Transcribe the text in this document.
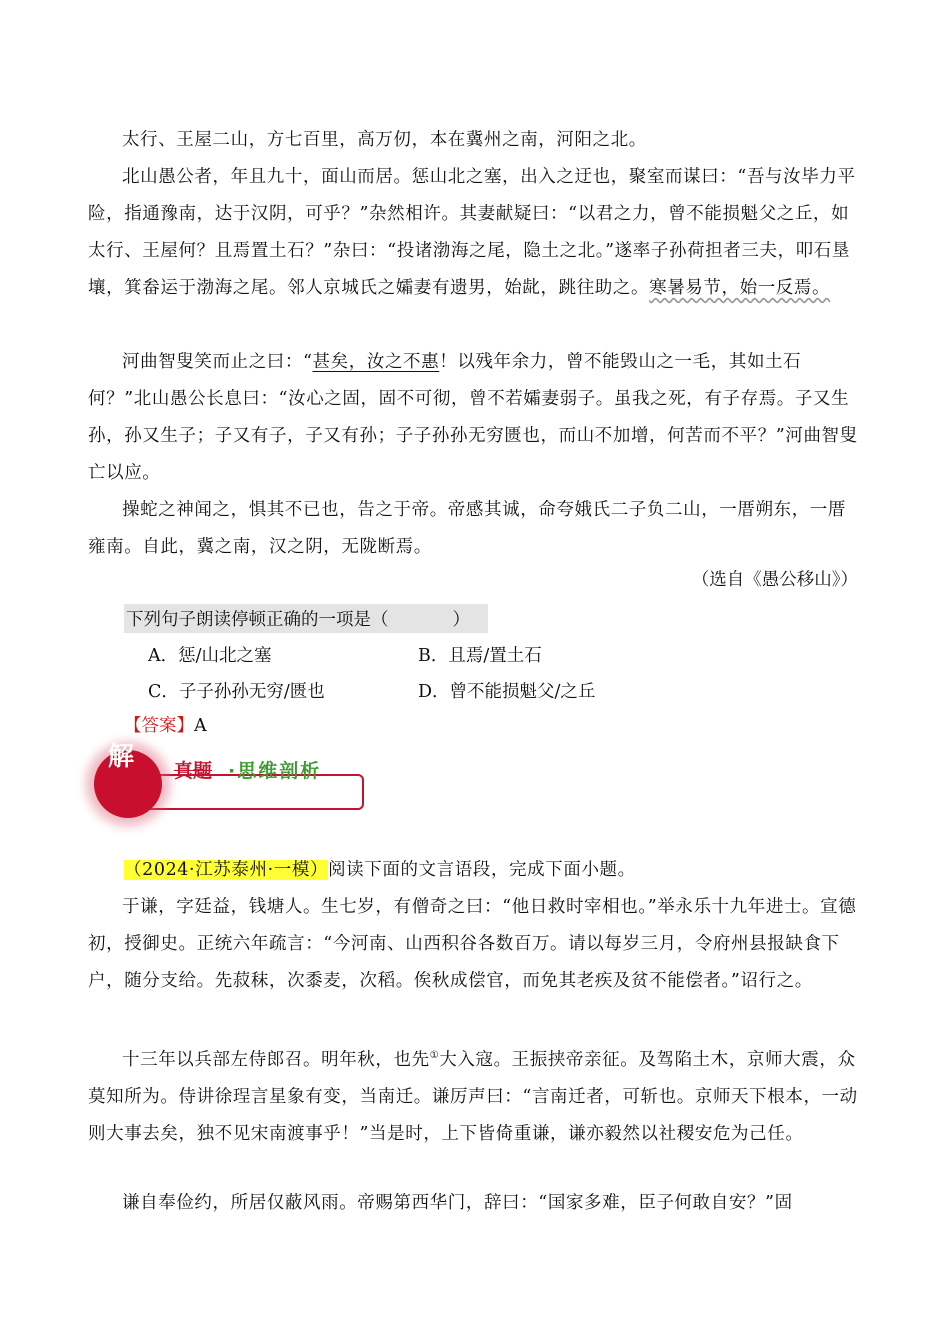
太行、王屋二山，方七百里，高万仞，本在冀州之南，河阳之北。

北山愚公者，年且九十，面山而居。惩山北之塞，出入之迂也，聚室而谋曰：“吾与汝毕力平险，指通豫南，达于汉阴，可乎？”杂然相许。其妻献疑曰：“以君之力，曾不能损魁父之丘，如太行、王屋何？且焉置土石？”杂曰：“投诸渤海之尾，隐土之北。”遂率子孙荷担者三夫，叩石垦壤，箕畚运于渤海之尾。邻人京城氏之孀妻有遗男，始龀，跳往助之。寒暑易节，始一反焉。

河曲智叟笑而止之曰：“甚矣，汝之不惠！以残年余力，曾不能毁山之一毛，其如土石何？”北山愚公长息曰：“汝心之固，固不可彻，曾不若孀妻弱子。虽我之死，有子存焉。子又生孙，孙又生子；子又有子，子又有孙；子子孙孙无穷匮也，而山不加增，何苦而不平？”河曲智叟亡以应。

操蛇之神闻之，惧其不已也，告之于帝。帝感其诚，命夸娥氏二子负二山，一厝朔东，一厝雍南。自此，冀之南，汉之阴，无陇断焉。

（选自《愚公移山》）
下列句子朗读停顿正确的一项是（	）
A．惩/山北之塞	B．且焉/置土石
C．子子孙孙无穷/匮也	D．曾不能损魁父/之丘
【答案】A
解 真题 ·思维剖析

（2024·江苏泰州·一模）阅读下面的文言语段，完成下面小题。

于谦，字廷益，钱塘人。生七岁，有僧奇之曰：“他日救时宰相也。”举永乐十九年进士。宣德初，授御史。正统六年疏言：“今河南、山西积谷各数百万。请以每岁三月，令府州县报缺食下户，随分支给。先菽秣，次黍麦，次稻。俟秋成偿官，而免其老疾及贫不能偿者。”诏行之。

十三年以兵部左侍郎召。明年秋，也先①大入寇。王振挟帝亲征。及驾陷土木，京师大震，众莫知所为。侍讲徐珵言星象有变，当南迁。谦厉声曰：“言南迁者，可斩也。京师天下根本，一动则大事去矣，独不见宋南渡事乎！”当是时，上下皆倚重谦，谦亦毅然以社稷安危为己任。

谦自奉俭约，所居仅蔽风雨。帝赐第西华门，辞曰：“国家多难，臣子何敢自安？”固
